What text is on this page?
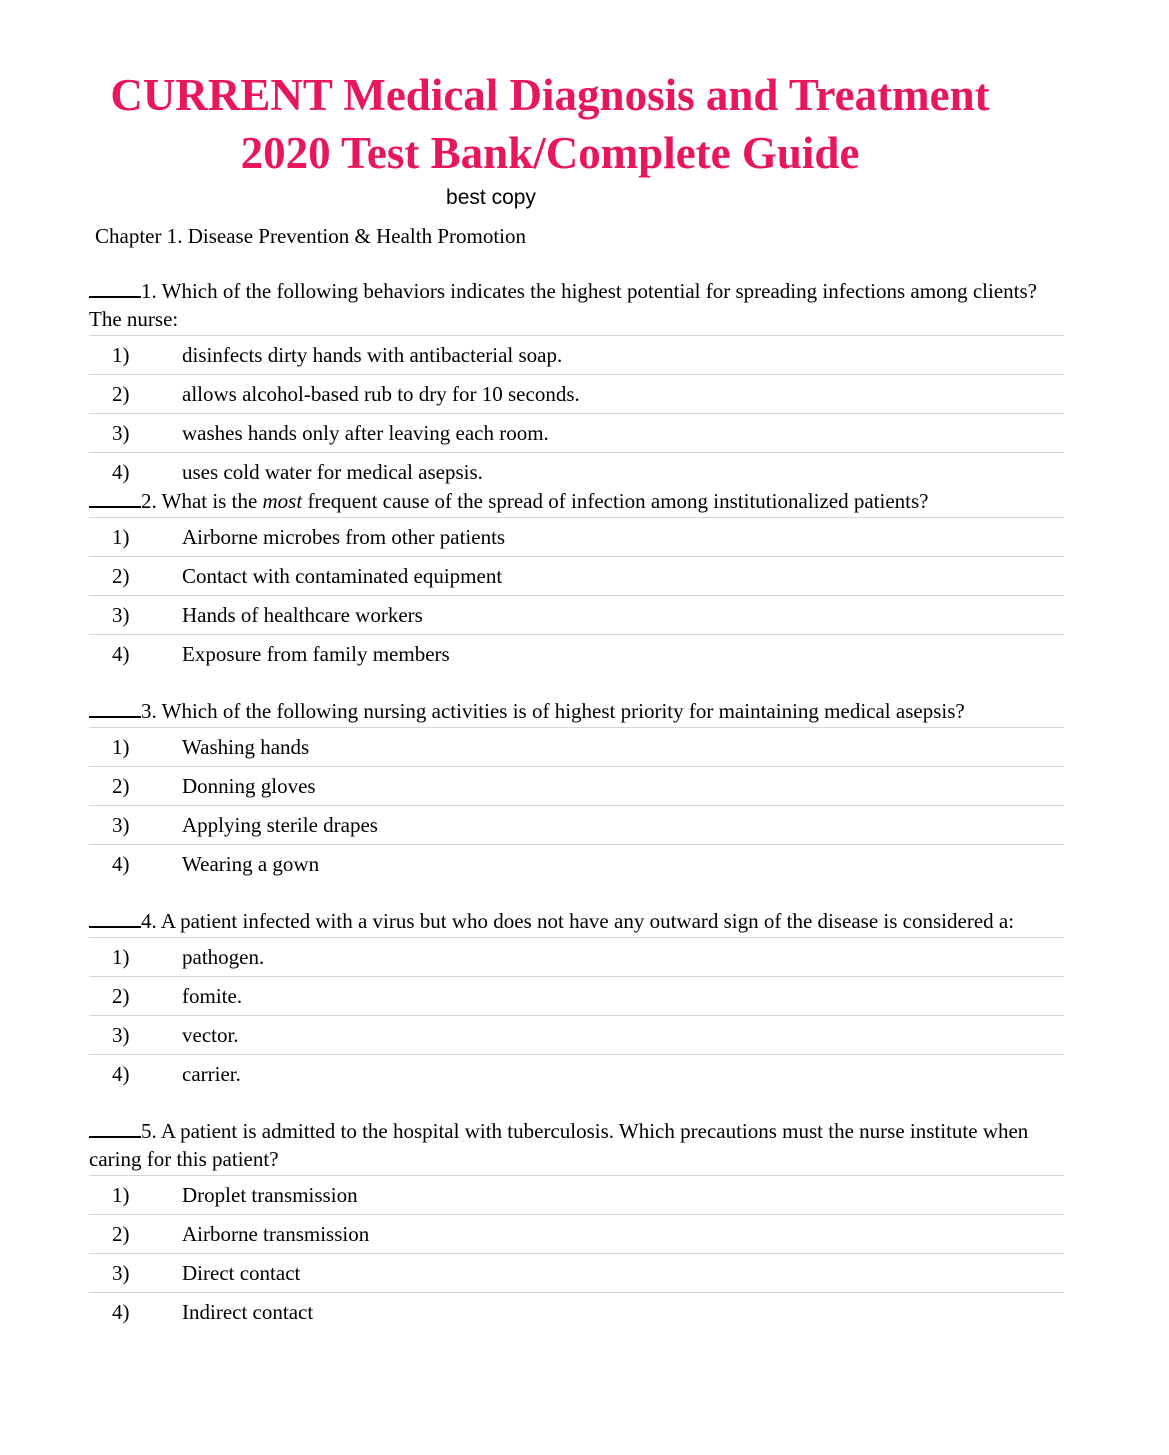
CURRENT Medical Diagnosis and Treatment
2020 Test Bank/Complete Guide
best copy
Chapter 1. Disease Prevention & Health Promotion

1. Which of the following behaviors indicates the highest potential for spreading infections among clients? The nurse:

1)	disinfects dirty hands with antibacterial soap.
2)	allows alcohol-based rub to dry for 10 seconds.
3)	washes hands only after leaving each room.
4)	uses cold water for medical asepsis.

2. What is the most frequent cause of the spread of infection among institutionalized patients?

1)	Airborne microbes from other patients
2)	Contact with contaminated equipment
3)	Hands of healthcare workers
4)	Exposure from family members

3. Which of the following nursing activities is of highest priority for maintaining medical asepsis?

1)	Washing hands
2)	Donning gloves
3)	Applying sterile drapes
4)	Wearing a gown

4. A patient infected with a virus but who does not have any outward sign of the disease is considered a:

1)	pathogen.
2)	fomite.
3)	vector.
4)	carrier.

5. A patient is admitted to the hospital with tuberculosis. Which precautions must the nurse institute when caring for this patient?

1)	Droplet transmission
2)	Airborne transmission
3)	Direct contact
4)	Indirect contact
